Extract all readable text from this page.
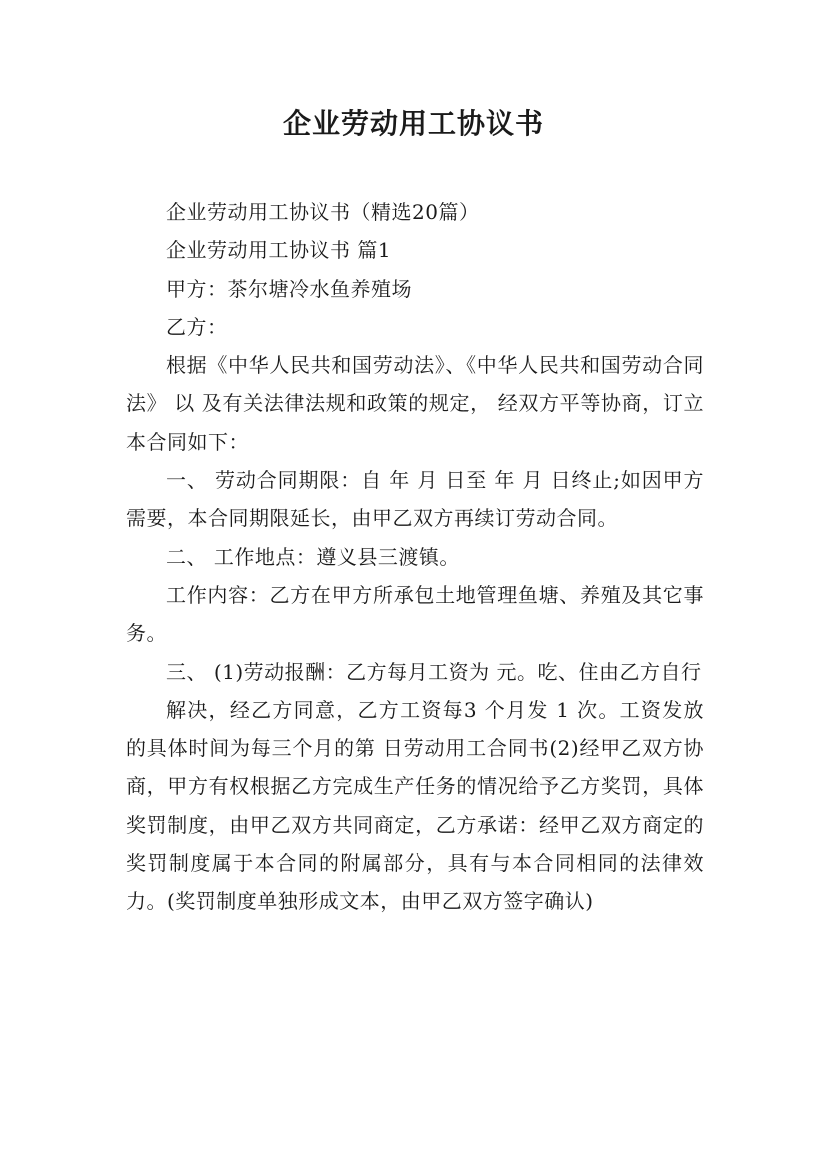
企业劳动用工协议书

企业劳动用工协议书（精选20篇）

企业劳动用工协议书 篇1

甲方：茶尔塘冷水鱼养殖场

乙方：

根据《中华人民共和国劳动法》、《中华人民共和国劳动合同法》 以 及有关法律法规和政策的规定， 经双方平等协商，订立本合同如下：

一、 劳动合同期限：自 年 月 日至 年 月 日终止;如因甲方需要，本合同期限延长，由甲乙双方再续订劳动合同。

二、 工作地点：遵义县三渡镇。

工作内容：乙方在甲方所承包土地管理鱼塘、养殖及其它事务。

三、 (1)劳动报酬：乙方每月工资为 元。吃、住由乙方自行

解决，经乙方同意，乙方工资每3 个月发 1 次。工资发放的具体时间为每三个月的第 日劳动用工合同书(2)经甲乙双方协商，甲方有权根据乙方完成生产任务的情况给予乙方奖罚，具体奖罚制度，由甲乙双方共同商定，乙方承诺：经甲乙双方商定的奖罚制度属于本合同的附属部分，具有与本合同相同的法律效力。(奖罚制度单独形成文本，由甲乙双方签字确认)
